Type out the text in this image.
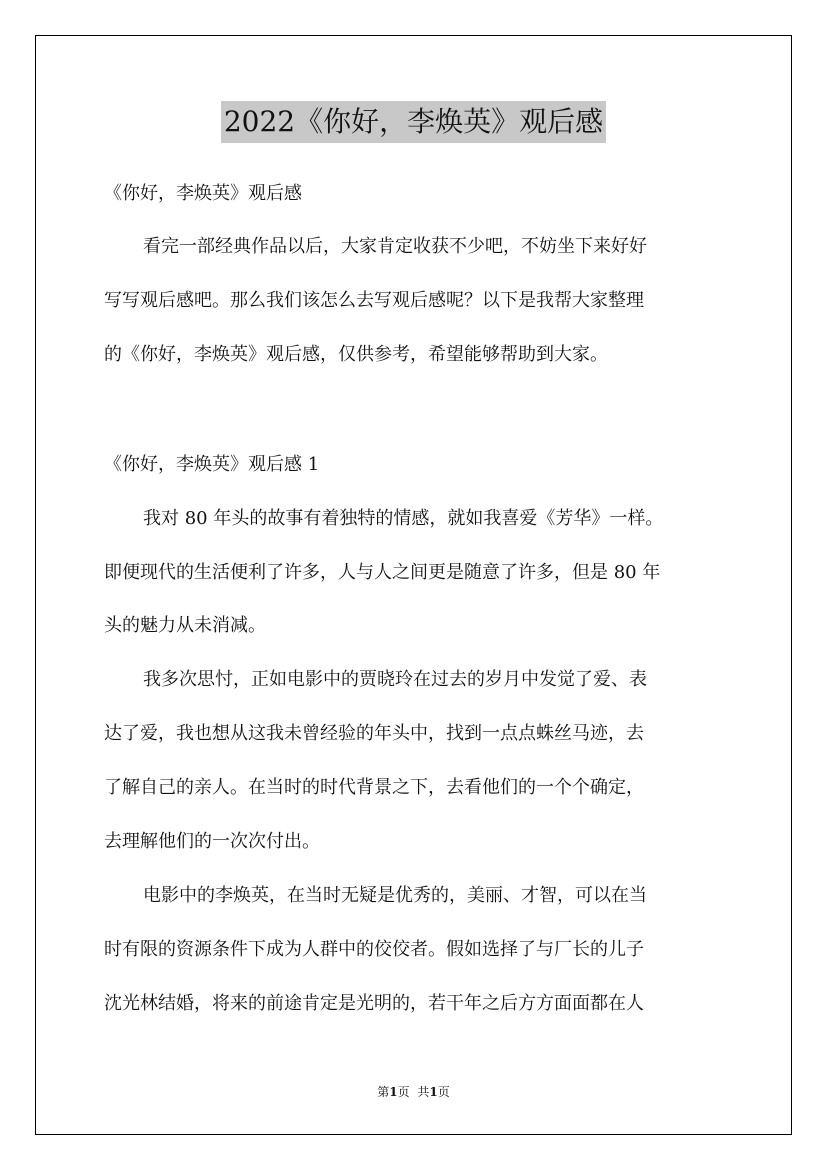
2022《你好，李焕英》观后感

《你好，李焕英》观后感

看完一部经典作品以后，大家肯定收获不少吧，不妨坐下来好好

写写观后感吧。那么我们该怎么去写观后感呢？以下是我帮大家整理

的《你好，李焕英》观后感，仅供参考，希望能够帮助到大家。

《你好，李焕英》观后感 1

我对 80 年头的故事有着独特的情感，就如我喜爱《芳华》一样。

即便现代的生活便利了许多，人与人之间更是随意了许多，但是 80 年

头的魅力从未消减。

我多次思忖，正如电影中的贾晓玲在过去的岁月中发觉了爱、表

达了爱，我也想从这我未曾经验的年头中，找到一点点蛛丝马迹，去

了解自己的亲人。在当时的时代背景之下，去看他们的一个个确定，

去理解他们的一次次付出。

电影中的李焕英，在当时无疑是优秀的，美丽、才智，可以在当

时有限的资源条件下成为人群中的佼佼者。假如选择了与厂长的儿子

沈光林结婚，将来的前途肯定是光明的，若干年之后方方面面都在人

第1页 共1页
